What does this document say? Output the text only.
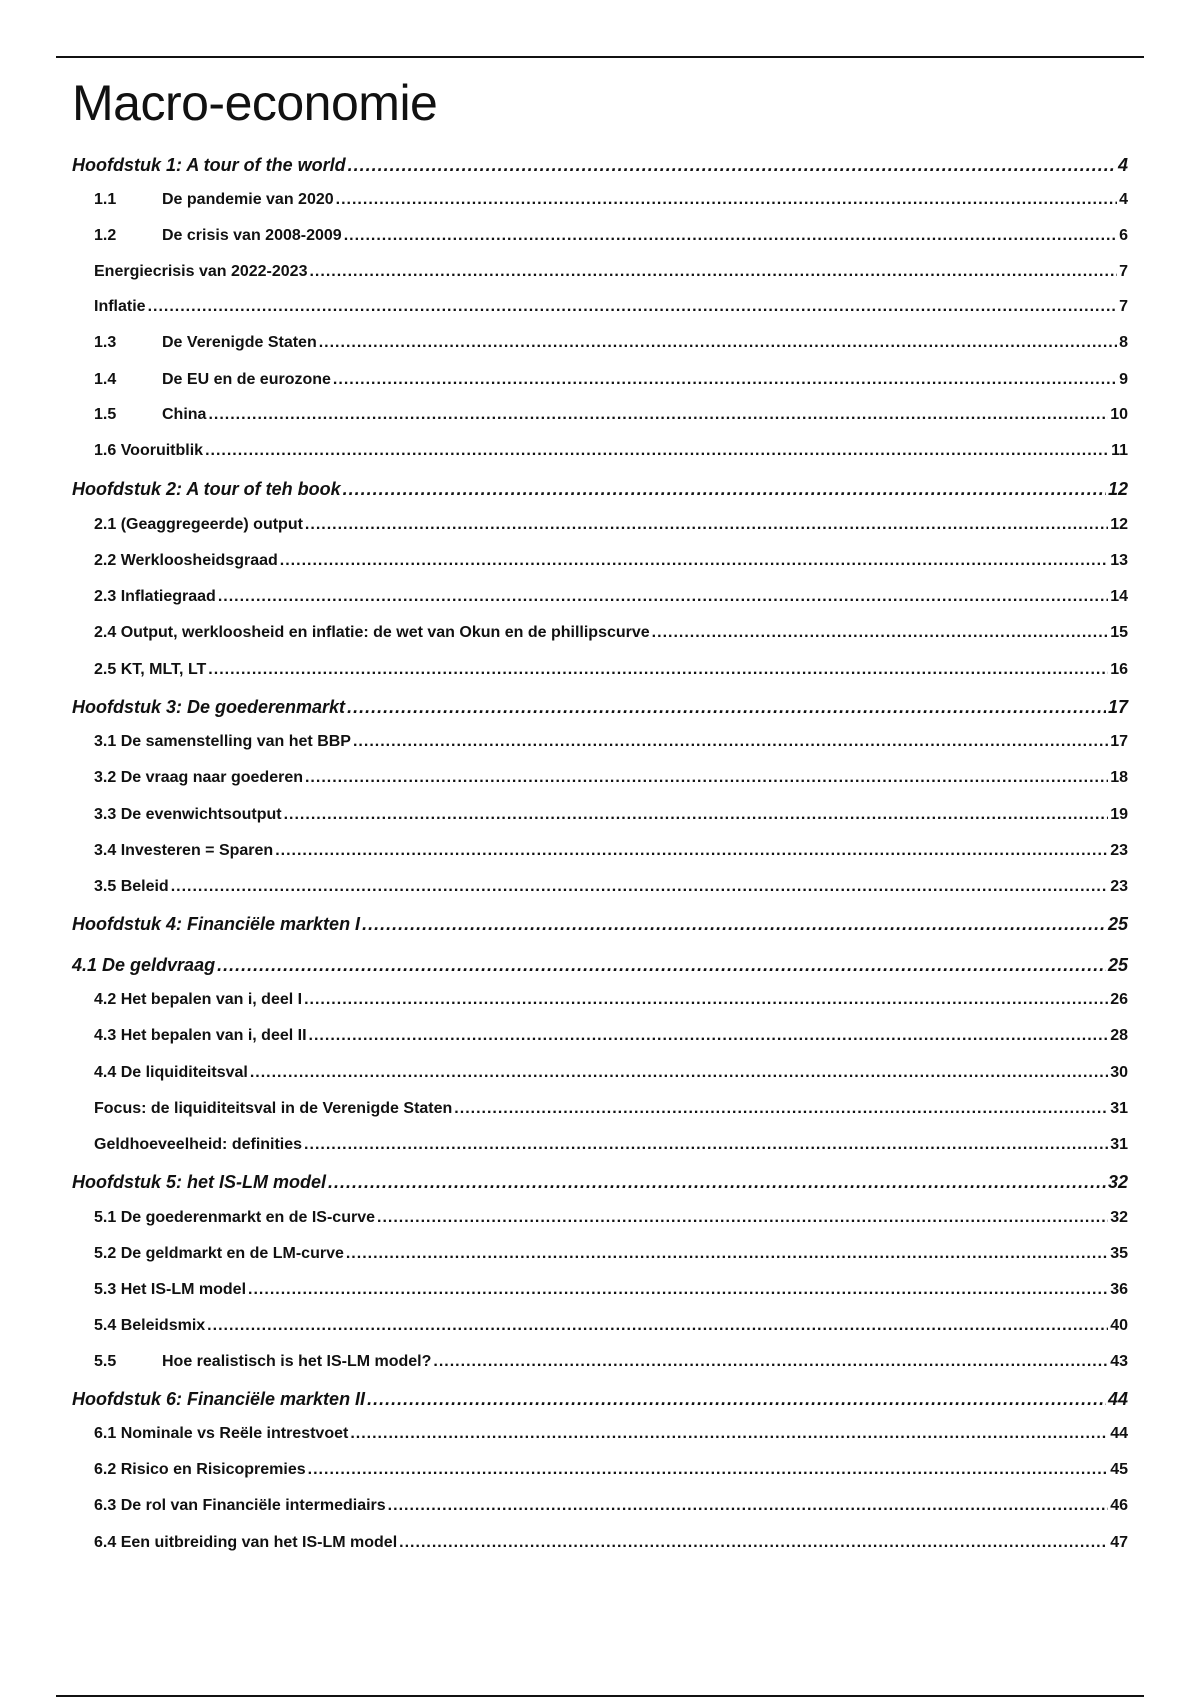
Macro-economie
Hoofdstuk 1: A tour of the world .....	4
1.1	De pandemie van 2020 .....	4
1.2	De crisis van 2008-2009 .....	6
Energiecrisis van 2022-2023 .....	7
Inflatie .....	7
1.3	De Verenigde Staten .....	8
1.4	De EU en de eurozone .....	9
1.5	China .....	10
1.6 Vooruitblik .....	11
Hoofdstuk 2: A tour of teh book .....	12
2.1 (Geaggregeerde) output .....	12
2.2 Werkloosheidsgraad .....	13
2.3 Inflatiegraad .....	14
2.4 Output, werkloosheid en inflatie: de wet van Okun en de phillipscurve .....	15
2.5 KT, MLT, LT .....	16
Hoofdstuk 3: De goederenmarkt .....	17
3.1 De samenstelling van het BBP .....	17
3.2 De vraag naar goederen .....	18
3.3 De evenwichtsoutput .....	19
3.4 Investeren = Sparen .....	23
3.5 Beleid .....	23
Hoofdstuk 4: Financiële markten I .....	25
4.1 De geldvraag .....	25
4.2 Het bepalen van i, deel I .....	26
4.3 Het bepalen van i, deel II .....	28
4.4 De liquiditeitsval .....	30
Focus: de liquiditeitsval in de Verenigde Staten .....	31
Geldhoeveelheid: definities .....	31
Hoofdstuk 5: het IS-LM model .....	32
5.1 De goederenmarkt en de IS-curve .....	32
5.2 De geldmarkt en de LM-curve .....	35
5.3 Het IS-LM model .....	36
5.4 Beleidsmix .....	40
5.5	Hoe realistisch is het IS-LM model? .....	43
Hoofdstuk 6: Financiële markten II .....	44
6.1 Nominale vs Reële intrestvoet .....	44
6.2 Risico en Risicopremies .....	45
6.3 De rol van Financiële intermediairs .....	46
6.4 Een uitbreiding van het IS-LM model .....	47
